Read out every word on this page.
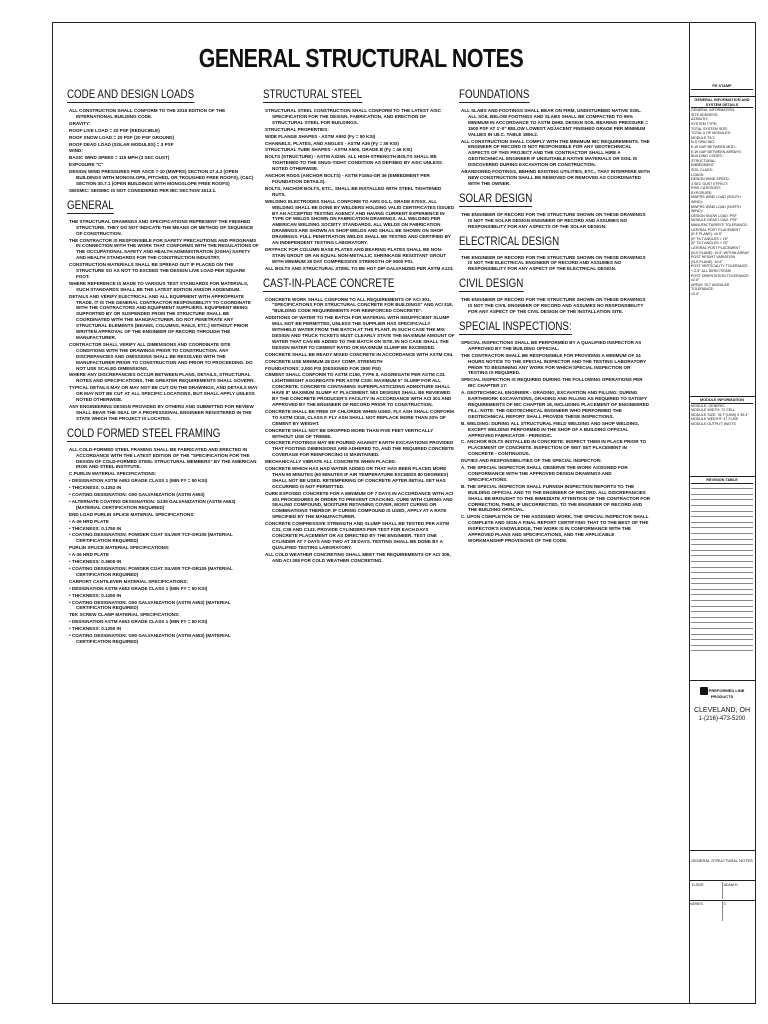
GENERAL STRUCTURAL NOTES
CODE AND DESIGN LOADS
ALL CONSTRUCTION SHALL CONFORM TO THE 2015 EDITION OF THE INTERNATIONAL BUILDING CODE.
GRAVITY:
ROOF LIVE LOAD = 20 PSF (REDUCIBLE)
ROOF SNOW LOAD = 20 PSF (20 PSF GROUND)
ROOF DEAD LOAD (SOLAR MODULES) = 3 PSF
WIND:
BASIC WIND SPEED = 115 MPH (3 SEC GUST)
EXPOSURE "C"
DESIGN WIND PRESSURES PER ASCE 7-10 (MWFRS) SECTION 27.4.3 (OPEN BUILDINGS WITH MONOSLOPE, PITCHED, OR TROUGHED FREE ROOFS), (C&C) SECTION 30.7.1 (OPEN BUILDINGS WITH MONOSLOPE FREE ROOFS)
SEISMIC: SEISMIC IS NOT CONSIDERED PER IBC SECTION 1613.1.
GENERAL
THE STRUCTURAL DRAWINGS AND SPECIFICATIONS REPRESENT THE FINISHED STRUCTURE. THEY DO NOT INDICATE THE MEANS OR METHOD OF SEQUENCE OF CONSTRUCTION.
THE CONTRACTOR IS RESPONSIBLE FOR SAFETY PRECAUTIONS AND PROGRAMS IN CONNECTION WITH THE WORK THAT CONFORMS WITH THE REGULATIONS OF THE OCCUPATIONAL SAFETY AND HEALTH ADMINISTRATION (OSHA) SAFETY AND HEALTH STANDARDS FOR THE CONSTRUCTION INDUSTRY.
CONSTRUCTION MATERIALS SHALL BE SPREAD OUT IF PLACED ON THE STRUCTURE SO AS NOT TO EXCEED THE DESIGN LIVE LOAD PER SQUARE FOOT.
WHERE REFERENCE IS MADE TO VARIOUS TEST STANDARDS FOR MATERIALS, SUCH STANDARDS SHALL BE THE LATEST EDITION AND/OR ADDENDUM.
DETAILS AND VERIFY ELECTRICAL AND ALL EQUIPMENT WITH APPROPRIATE TRADE. IT IS THE GENERAL CONTRACTOR RESPONSIBILITY TO COORDINATE WITH THE CONTRACTORS AND EQUIPMENT SUPPLIERS. EQUIPMENT BEING SUPPORTED BY OR SUSPENDED FROM THE STRUCTURE SHALL BE COORDINATED WITH THE MANUFACTURER. DO NOT PENETRATE ANY STRUCTURAL ELEMENTS (BEAMS, COLUMNS, RAILS, ETC.) WITHOUT PRIOR WRITTEN APPROVAL OF THE ENGINEER OF RECORD THROUGH THE MANUFACTURER.
CONTRACTOR SHALL VERIFY ALL DIMENSIONS AND COORDINATE SITE CONDITIONS WITH THE DRAWINGS PRIOR TO CONSTRUCTION. ANY DISCREPANCIES AND OMISSIONS SHALL BE RESOLVED WITH THE MANUFACTURER PRIOR TO CONSTRUCTION AND PRIOR TO PROCEEDING. DO NOT USE SCALED DIMENSIONS.
WHERE ANY DISCREPANCIES OCCUR BETWEEN PLANS, DETAILS, STRUCTURAL NOTES AND SPECIFICATIONS, THE GREATER REQUIREMENTS SHALL GOVERN.
TYPICAL DETAILS MAY OR MAY NOT BE CUT ON THE DRAWINGS, AND DETAILS MAY OR MAY NOT BE CUT AT ALL SPECIFIC LOCATIONS, BUT SHALL APPLY UNLESS NOTED OTHERWISE.
ANY ENGINEERING DESIGN PROVIDED BY OTHERS AND SUBMITTED FOR REVIEW SHALL BEAR THE SEAL OF A PROFESSIONAL ENGINEER REGISTERED IN THE STATE WHICH THE PROJECT IS LOCATED.
COLD FORMED STEEL FRAMING
ALL COLD-FORMED STEEL FRAMING SHALL BE FABRICATED AND ERECTED IN ACCORDANCE WITH THE LATEST EDITION OF THE "SPECIFICATION FOR THE DESIGN OF COLD-FORMED STEEL STRUCTURAL MEMBERS" BY THE AMERICAN IRON AND STEEL INSTITUTE.
C PURLIN MATERIAL SPECIFICATIONS:
• DESIGNATION ASTM A653 GRADE CLASS 1 (MIN FY = 50 KSI)
• THICKNESS: 0.1252 IN
• COATING DESIGNATION: G90 GALVANIZATION (ASTM A653)
• ALTERNATE COATING DESIGNATION: G235 GALVANIZATION (ASTM A653) (MATERIAL CERTIFICATION REQUIRED)
END LOAD PURLIN SPLICE MATERIAL SPECIFICATIONS:
• A-36 HRD PLATE
• THICKNESS: 0.1750 IN
• COATING DESIGNATION: POWDER COAT SILVER TCF-DR105 (MATERIAL CERTIFICATION REQUIRED)
PURLIN SPLICE MATERIAL SPECIFICATIONS:
• A-36 HRD PLATE
• THICKNESS: 0.3600 IN
• COATING DESIGNATION: POWDER COAT SILVER TCF-DR105 (MATERIAL CERTIFICATION REQUIRED)
CARPORT CANTILEVER MATERIAL SPECIFICATIONS:
• DESIGNATION ASTM A653 GRADE CLASS 1 (MIN FY = 50 KSI)
• THICKNESS: 0.1250 IN
• COATING DESIGNATION: G90 GALVANIZATION (ASTM A653) (MATERIAL CERTIFICATION REQUIRED)
TEK SCREW CLAMP MATERIAL SPECIFICATIONS:
• DESIGNATION ASTM A653 GRADE CLASS 1 (MIN FY = 50 KSI)
• THICKNESS: 0.1250 IN
• COATING DESIGNATION: G90 GALVANIZATION (ASTM A653) (MATERIAL CERTIFICATION REQUIRED)
STRUCTURAL STEEL
STRUCTURAL STEEL CONSTRUCTION SHALL CONFORM TO THE LATEST AISC SPECIFICATION FOR THE DESIGN, FABRICATION, AND ERECTION OF STRUCTURAL STEEL FOR BUILDINGS.
STRUCTURAL PROPERTIES:
WIDE FLANGE SHAPES - ASTM A992 (Fy = 50 KSI)
CHANNELS, PLATES, AND ANGLES - ASTM A36 (Fy = 36 KSI)
STRUCTURAL TUBE SHAPES - ASTM A500, GRADE B (Fy = 46 KSI)
BOLTS (STRUCTURE) - ASTM A325N. ALL HIGH-STRENGTH BOLTS SHALL BE TIGHTENED TO THE SNUG-TIGHT CONDITION AS DEFINED BY AISC UNLESS NOTED OTHERWISE.
ANCHOR RODS (ANCHOR BOLTS) - ASTM F1554-GR 36 (EMBEDMENT PER FOUNDATION DETAILS).
BOLTS, ANCHOR BOLTS, ETC., SHALL BE INSTALLED WITH STEEL TIGHTENED NUTS.
WELDING ELECTRODES SHALL CONFORM TO AWS D1.1, GRADE E70XX. ALL WELDING SHALL BE DONE BY WELDERS HOLDING VALID CERTIFICATES ISSUED BY AN ACCEPTED TESTING AGENCY AND HAVING CURRENT EXPERIENCE IN TYPE OF WELDS SHOWN ON FABRICATION DRAWINGS. ALL WELDING PER AMERICAN WELDING SOCIETY STANDARDS. ALL WELDS ON FABRICATION DRAWINGS ARE SHOWN AS SHOP WELDS AND SHALL BE SHOWN ON SHOP DRAWINGS. FULL PENETRATION WELDS SHALL BE TESTED AND CERTIFIED BY AN INDEPENDENT TESTING LABORATORY.
DRYPACK FOR COLUMN BASE PLATES AND BEARING PLATES SHALL BE NON-STAIN GROUT OR AN EQUAL NON-METALLIC SHRINKAGE RESISTANT GROUT WITH MINIMUM 28 DAY COMPRESSIVE STRENGTH OF 5000 PSI.
ALL BOLTS AND STRUCTURAL STEEL TO BE HOT DIP GALVANIZED PER ASTM A123.
CAST-IN-PLACE CONCRETE
CONCRETE WORK SHALL CONFORM TO ALL REQUIREMENTS OF ACI 301, "SPECIFICATIONS FOR STRUCTURAL CONCRETE FOR BUILDINGS" AND ACI 318, "BUILDING CODE REQUIREMENTS FOR REINFORCED CONCRETE".
ADDITIONS OF WATER TO THE BATCH FOR MATERIAL WITH INSUFFICIENT SLUMP WILL NOT BE PERMITTED, UNLESS THE SUPPLIER HAS SPECIFICALLY WITHHELD WATER FROM THE BATCH AT THE PLANT. IN SUCH CASE THE MIX DESIGN AND TRUCK TICKETS MUST CLEARLY STATE THE MAXIMUM AMOUNT OF WATER THAT CAN BE ADDED TO THE BATCH ON SITE. IN NO CASE SHALL THE DESIGN WATER TO CEMENT RATIO OR MAXIMUM SLUMP BE EXCEEDED.
CONCRETE SHALL BE READY MIXED CONCRETE IN ACCORDANCE WITH ASTM C94.
CONCRETE USE MINIMUM 28 DAY COMP. STRENGTH
FOUNDATIONS: 3,000 PSI (DESIGNED FOR 2500 PSI)
CEMENT SHALL CONFORM TO ASTM C150, TYPE II. AGGREGATE PER ASTM C33. LIGHTWEIGHT AGGREGATE PER ASTM C330. MAXIMUM 5" SLUMP FOR ALL CONCRETE. CONCRETE CONTAINING SUPERPLASTICIZING ADMIXTURE SHALL HAVE 8" MAXIMUM SLUMP AT PLACEMENT. MIX DESIGNS SHALL BE REVIEWED BY THE CONCRETE PRODUCER'S FACILITY IN ACCORDANCE WITH ACI 301 AND APPROVED BY THE ENGINEER OF RECORD PRIOR TO CONSTRUCTION.
CONCRETE SHALL BE FREE OF CHLORIDE WHEN USED. FLY ASH SHALL CONFORM TO ASTM C618, CLASS F. FLY ASH SHALL NOT REPLACE MORE THAN 20% OF CEMENT BY WEIGHT.
CONCRETE SHALL NOT BE DROPPED MORE THAN FIVE FEET VERTICALLY WITHOUT USE OF TREMIE.
CONCRETE FOOTINGS MAY BE POURED AGAINST EARTH EXCAVATIONS PROVIDED THAT FOOTING DIMENSIONS ARE ADHERED TO, AND THE REQUIRED CONCRETE COVERAGE FOR REINFORCING IS MAINTAINED.
MECHANICALLY VIBRATE ALL CONCRETE WHEN PLACED.
CONCRETE WHICH HAS HAD WATER ADDED OR THAT HAS BEEN PLACED MORE THAN 90 MINUTES (60 MINUTES IF AIR TEMPERATURE EXCEEDS 80 DEGREES) SHALL NOT BE USED. RETEMPERING OF CONCRETE AFTER INITIAL SET HAS OCCURRED IS NOT PERMITTED.
CURE EXPOSED CONCRETE FOR A MINIMUM OF 7 DAYS IN ACCORDANCE WITH ACI 301 PROCEDURES IN ORDER TO PREVENT CRACKING. CURE WITH CURING AND SEALING COMPOUND, MOISTURE RETAINING COVER, MOIST CURING OR COMBINATIONS THEREOF. IF CURING COMPOUND IS USED, APPLY AT A RATE SPECIFIED BY THE MANUFACTURER.
CONCRETE COMPRESSIVE STRENGTH AND SLUMP SHALL BE TESTED PER ASTM C31, C39 AND C143. PROVIDE CYLINDERS PER TEST FOR EACH DAYS CONCRETE PLACEMENT OR AS DIRECTED BY THE ENGINEER. TEST ONE CYLINDER AT 7 DAYS AND TWO AT 28 DAYS. TESTING SHALL BE DONE BY A QUALIFIED TESTING LABORATORY.
ALL COLD WEATHER CONCRETING SHALL MEET THE REQUIREMENTS OF ACI 306, AND ACI 308 FOR COLD WEATHER CONCRETING.
FOUNDATIONS
ALL SLABS AND FOOTINGS SHALL BEAR ON FIRM, UNDISTURBED NATIVE SOIL. ALL SOIL BELOW FOOTINGS AND SLABS SHALL BE COMPACTED TO 95% MINIMUM IN ACCORDANCE TO ASTM D698. DESIGN SOIL BEARING PRESSURE = 1500 PSF AT 1'-0" BELOW LOWEST ADJACENT FINISHED GRADE PER MINIMUM VALUES IN I.B.C. TABLE 1806.2.
ALL CONSTRUCTION SHALL COMPLY WITH THE MINIMUM IBC REQUIREMENTS. THE ENGINEER OF RECORD IS NOT RESPONSIBLE FOR ANY GEOTECHNICAL ASPECTS OF THIS PROJECT AND THE CONTRACTOR SHALL HIRE A GEOTECHNICAL ENGINEER IF UNSUITABLE NATIVE MATERIALS OR SOIL IS DISCOVERED DURING EXCAVATION OR CONSTRUCTION.
ABANDONED FOOTINGS, BEHIND EXISTING UTILITIES, ETC., THAT INTERFERE WITH NEW CONSTRUCTION SHALL BE REMOVED OR REMOVED AS COORDINATED WITH THE OWNER.
SOLAR DESIGN
THE ENGINEER OF RECORD FOR THE STRUCTURE SHOWN ON THESE DRAWINGS IS NOT THE SOLAR DESIGN ENGINEER OF RECORD AND ASSUMES NO RESPONSIBILITY FOR ANY ASPECTS OF THE SOLAR DESIGN.
ELECTRICAL DESIGN
THE ENGINEER OF RECORD FOR THE STRUCTURE SHOWN ON THESE DRAWINGS IS NOT THE ELECTRICAL ENGINEER OF RECORD AND ASSUMES NO RESPONSIBILITY FOR ANY ASPECT OF THE ELECTRICAL DESIGN.
CIVIL DESIGN
THE ENGINEER OF RECORD FOR THE STRUCTURE SHOWN ON THESE DRAWINGS IS NOT THE CIVIL ENGINEER OF RECORD AND ASSUMES NO RESPONSIBILITY FOR ANY ASPECT OF THE CIVIL DESIGN OF THE INSTALLATION SITE.
SPECIAL INSPECTIONS:
SPECIAL INSPECTIONS SHALL BE PERFORMED BY A QUALIFIED INSPECTOR AS APPROVED BY THE BUILDING OFFICIAL.
THE CONTRACTOR SHALL BE RESPONSIBLE FOR PROVIDING A MINIMUM OF 24 HOURS NOTICE TO THE SPECIAL INSPECTOR AND THE TESTING LABORATORY PRIOR TO BEGINNING ANY WORK FOR WHICH SPECIAL INSPECTION OR TESTING IS REQUIRED.
SPECIAL INSPECTION IS REQUIRED DURING THE FOLLOWING OPERATIONS PER IBC CHAPTER 17:
A. GEOTECHNICAL ENGINEER - GRADING, EXCAVATION AND FILLING: DURING EARTHWORK EXCAVATIONS, GRADING AND FILLING AS REQUIRED TO SATISFY REQUIREMENTS OF IBC CHAPTER 18, INCLUDING PLACEMENT OF ENGINEERED FILL. NOTE: THE GEOTECHNICAL ENGINEER WHO PERFORMED THE GEOTECHNICAL REPORT SHALL PROVIDE THESE INSPECTIONS.
B. WELDING: DURING ALL STRUCTURAL FIELD WELDING AND SHOP WELDING, EXCEPT WELDING PERFORMED IN THE SHOP OF A BUILDING OFFICIAL APPROVED FABRICATOR - PERIODIC.
C. ANCHOR BOLTS INSTALLED IN CONCRETE: INSPECT THEM IN PLACE PRIOR TO PLACEMENT OF CONCRETE. INSPECTION OF WET SET PLACEMENT IN CONCRETE - CONTINUOUS.
DUTIES AND RESPONSIBILITIES OF THE SPECIAL INSPECTOR:
A. THE SPECIAL INSPECTOR SHALL OBSERVE THE WORK ASSIGNED FOR CONFORMANCE WITH THE APPROVED DESIGN DRAWINGS AND SPECIFICATIONS.
B. THE SPECIAL INSPECTOR SHALL FURNISH INSPECTION REPORTS TO THE BUILDING OFFICIAL AND TO THE ENGINEER OF RECORD. ALL DISCREPANCIES SHALL BE BROUGHT TO THE IMMEDIATE ATTENTION OF THE CONTRACTOR FOR CORRECTION, THEN, IF UNCORRECTED, TO THE ENGINEER OF RECORD AND THE BUILDING OFFICIAL.
C. UPON COMPLETION OF THE ASSIGNED WORK, THE SPECIAL INSPECTOR SHALL COMPLETE AND SIGN A FINAL REPORT CERTIFYING THAT TO THE BEST OF THE INSPECTOR'S KNOWLEDGE, THE WORK IS IN CONFORMANCE WITH THE APPROVED PLANS AND SPECIFICATIONS, AND THE APPLICABLE WORKMANSHIP PROVISIONS OF THE CODE.
PE STAMP
GENERAL INFORMATION AND SYSTEM DETAILS
GENERAL INFORMATION:
SITE ADDRESS:
AZIMUTH:
SYSTEM TYPE:
TOTAL SYSTEM SIZE:
TOTAL # OF MODULES:
MODULE TILT:
N-S SPACING:
E-W GAP BETWEEN MOD.:
E-W GAP BETWEEN ARRAYS:
BUILDING CODES:
STRUCTURAL:
EMBEDMENT:
SOIL CLASS:
LOADS:
DESIGN WIND SPEED:
3 SEC GUST EFFECT:
RISK CATEGORY:
EXPOSURE:
MWFRS WIND LOAD (SOUTH WIND):
MWFRS WIND LOAD (NORTH WIND):
DESIGN SNOW LOAD: PSF
MODULE DEAD LOAD: PSF
MANUFACTURER'S TOLERANCE:
LATERAL POST PLACEMENT
(E-F PLANE): ±0.5"
(IF TILT ANGLES > 20°
(IF TILT ANGLES < 20°
LATERAL POST PLACEMENT
(N-S PLANE): ±0.5" WITHIN ARRAY
POST HEIGHT VARIATION
(N-S PLANE): ±0.5"
POST VERTICALITY TOLERANCE:
+-2.5° ALL DIRECTIONS
POST ORIENTATION TOLERANCE:
±2.5°
ARRAY TILT ANGULAR TOLERANCE:
±2.5°
MODULE INFORMATION
MODULE: GENERIC
MODULE WIDTH: 72 CELL
MODULE SIZE: 78.7"(1999) X 39.4"
MODULE WEIGHT: 47.3 LBS
MODULE OUTPUT: WATTS
REVISION TABLE
PREFORMED LINE PRODUCTS
CLEVELAND, OH
1-(216)-473-5200
GENERAL STRUCTURAL NOTES
D-SIZE	ADAM H.
VARIES	3
